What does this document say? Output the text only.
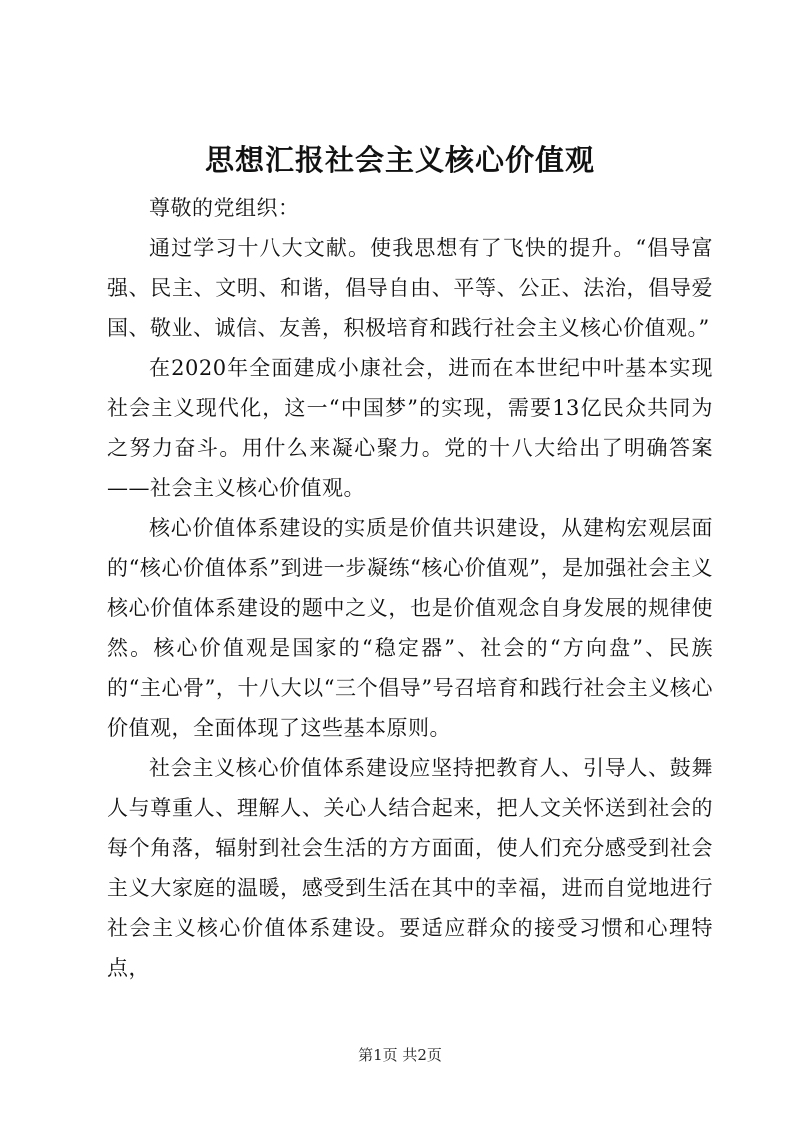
思想汇报社会主义核心价值观

尊敬的党组织：

通过学习十八大文献。使我思想有了飞快的提升。“倡导富强、民主、文明、和谐，倡导自由、平等、公正、法治，倡导爱国、敬业、诚信、友善，积极培育和践行社会主义核心价值观。”

在2020年全面建成小康社会，进而在本世纪中叶基本实现社会主义现代化，这一“中国梦”的实现，需要13亿民众共同为之努力奋斗。用什么来凝心聚力。党的十八大给出了明确答案——社会主义核心价值观。

核心价值体系建设的实质是价值共识建设，从建构宏观层面的“核心价值体系”到进一步凝练“核心价值观”，是加强社会主义核心价值体系建设的题中之义，也是价值观念自身发展的规律使然。核心价值观是国家的“稳定器”、社会的“方向盘”、民族的“主心骨”，十八大以“三个倡导”号召培育和践行社会主义核心价值观，全面体现了这些基本原则。

社会主义核心价值体系建设应坚持把教育人、引导人、鼓舞人与尊重人、理解人、关心人结合起来，把人文关怀送到社会的每个角落，辐射到社会生活的方方面面，使人们充分感受到社会主义大家庭的温暖，感受到生活在其中的幸福，进而自觉地进行社会主义核心价值体系建设。要适应群众的接受习惯和心理特点，

第1页 共2页
